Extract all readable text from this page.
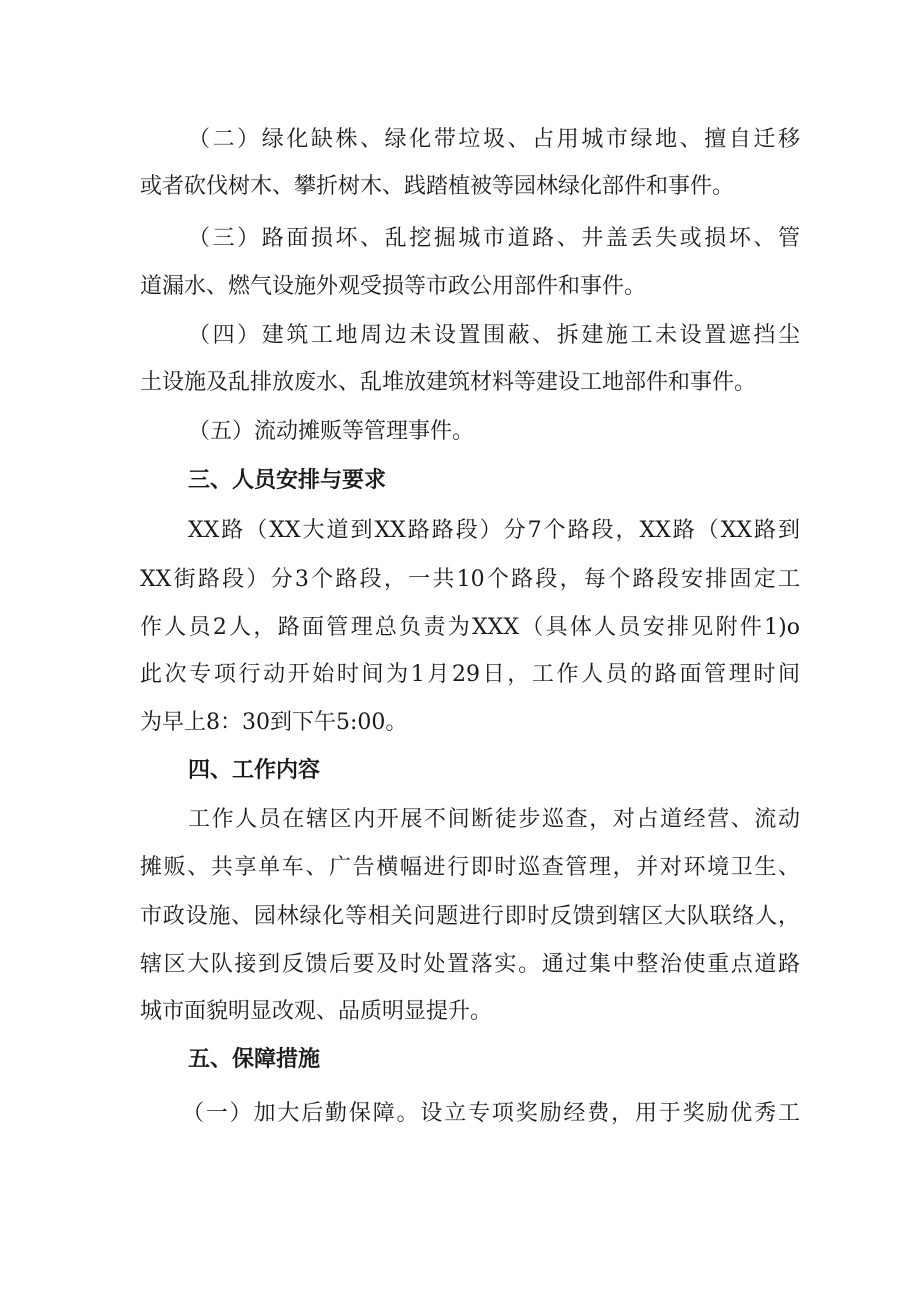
（二）绿化缺株、绿化带垃圾、占用城市绿地、擅自迁移
或者砍伐树木、攀折树木、践踏植被等园林绿化部件和事件。
（三）路面损坏、乱挖掘城市道路、井盖丢失或损坏、管
道漏水、燃气设施外观受损等市政公用部件和事件。
（四）建筑工地周边未设置围蔽、拆建施工未设置遮挡尘
土设施及乱排放废水、乱堆放建筑材料等建设工地部件和事件。
（五）流动摊贩等管理事件。
三、人员安排与要求
XX路（XX大道到XX路路段）分7个路段，XX路（XX路到
XX街路段）分3个路段，一共10个路段，每个路段安排固定工
作人员2人，路面管理总负责为XXX（具体人员安排见附件1)o
此次专项行动开始时间为1月29日，工作人员的路面管理时间
为早上8：30到下午5:00。
四、工作内容
工作人员在辖区内开展不间断徒步巡查，对占道经营、流动
摊贩、共享单车、广告横幅进行即时巡查管理，并对环境卫生、
市政设施、园林绿化等相关问题进行即时反馈到辖区大队联络人，
辖区大队接到反馈后要及时处置落实。通过集中整治使重点道路
城市面貌明显改观、品质明显提升。
五、保障措施
（一）加大后勤保障。设立专项奖励经费，用于奖励优秀工
